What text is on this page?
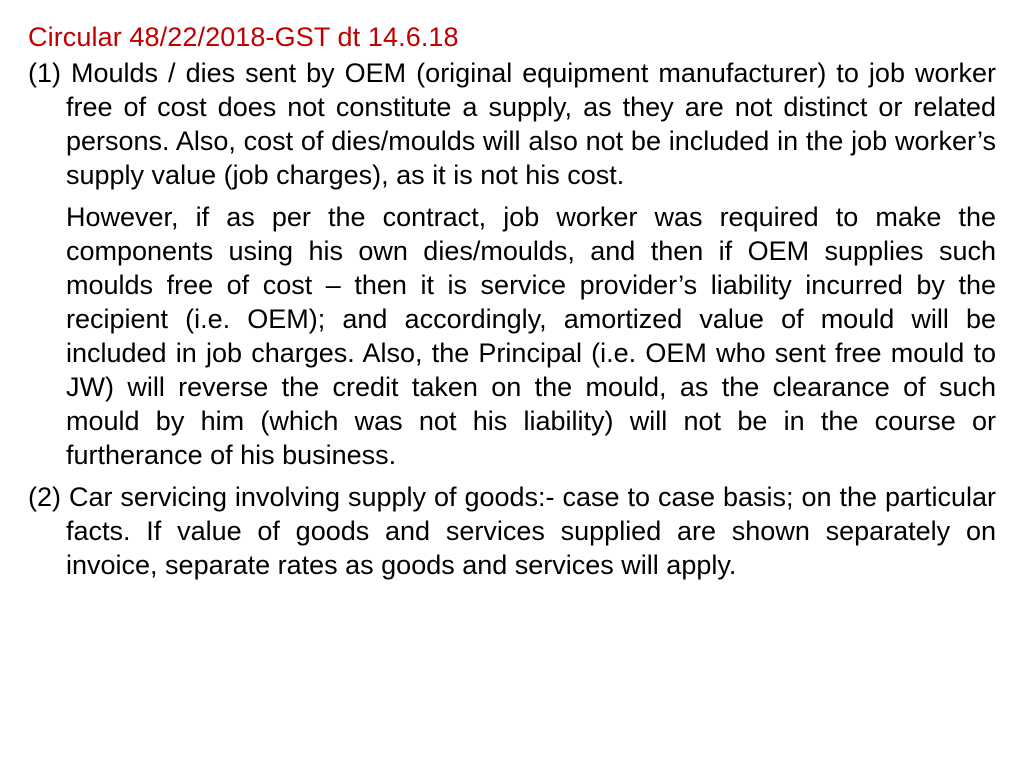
Circular 48/22/2018-GST dt 14.6.18

(1) Moulds / dies sent by OEM (original equipment manufacturer) to job worker free of cost does not constitute a supply, as they are not distinct or related persons. Also, cost of dies/moulds will also not be included in the job worker’s supply value (job charges), as it is not his cost.

However, if as per the contract, job worker was required to make the components using his own dies/moulds, and then if OEM supplies such moulds free of cost – then it is service provider’s liability incurred by the recipient (i.e. OEM); and accordingly, amortized value of mould will be included in job charges. Also, the Principal (i.e. OEM who sent free mould to JW) will reverse the credit taken on the mould, as the clearance of such mould by him (which was not his liability) will not be in the course or furtherance of his business.

(2) Car servicing involving supply of goods:- case to case basis; on the particular facts. If value of goods and services supplied are shown separately on invoice, separate rates as goods and services will apply.
